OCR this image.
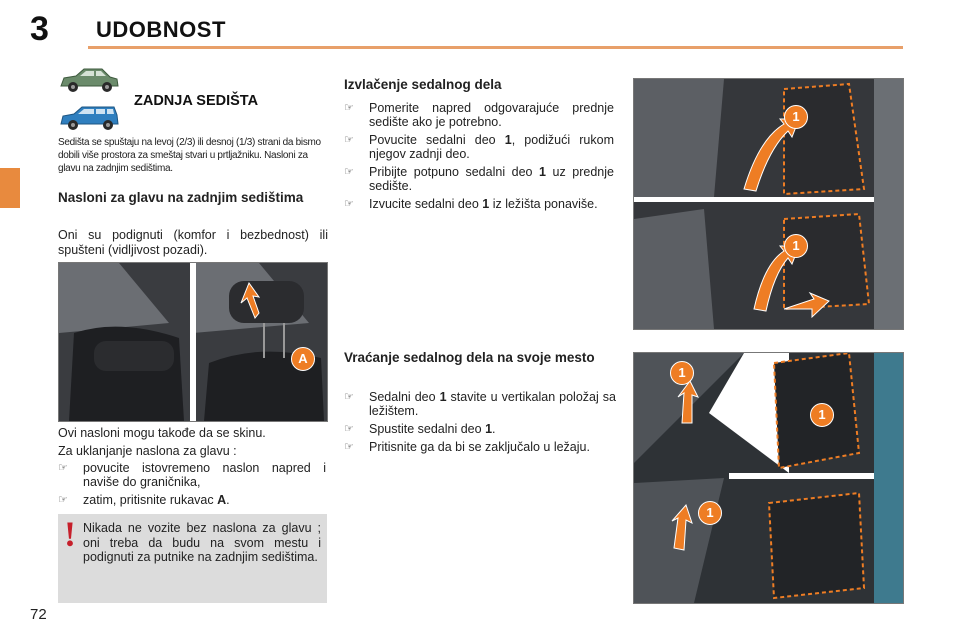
3 UDOBNOST
ZADNJA SEDIŠTA
Sedišta se spuštaju na levoj (2/3) ili desnoj (1/3) strani da bismo dobili više prostora za smeštaj stvari u prtljažniku. Nasloni za glavu na zadnjim sedištima.
Nasloni za glavu na zadnjim sedištima
Oni su podignuti (komfor i bezbednost) ili spušteni (vidljivost pozadi).
A
Ovi nasloni mogu takođe da se skinu.
Za uklanjanje naslona za glavu :
☞ povucite istovremeno naslon napred i naviše do graničnika,
☞ zatim, pritisnite rukavac A.
! Nikada ne vozite bez naslona za glavu ; oni treba da budu na svom mestu i podignuti za putnike na zadnjim sedištima.
Izvlačenje sedalnog dela
☞ Pomerite napred odgovarajuće prednje sedište ako je potrebno.
☞ Povucite sedalni deo 1, podižući rukom njegov zadnji deo.
☞ Pribijte potpuno sedalni deo 1 uz prednje sedište.
☞ Izvucite sedalni deo 1 iz ležišta ponaviše.
Vraćanje sedalnog dela na svoje mesto
☞ Sedalni deo 1 stavite u vertikalan položaj sa ležištem.
☞ Spustite sedalni deo 1.
☞ Pritisnite ga da bi se zaključalo u ležaju.
1
1
1
1
1
72
